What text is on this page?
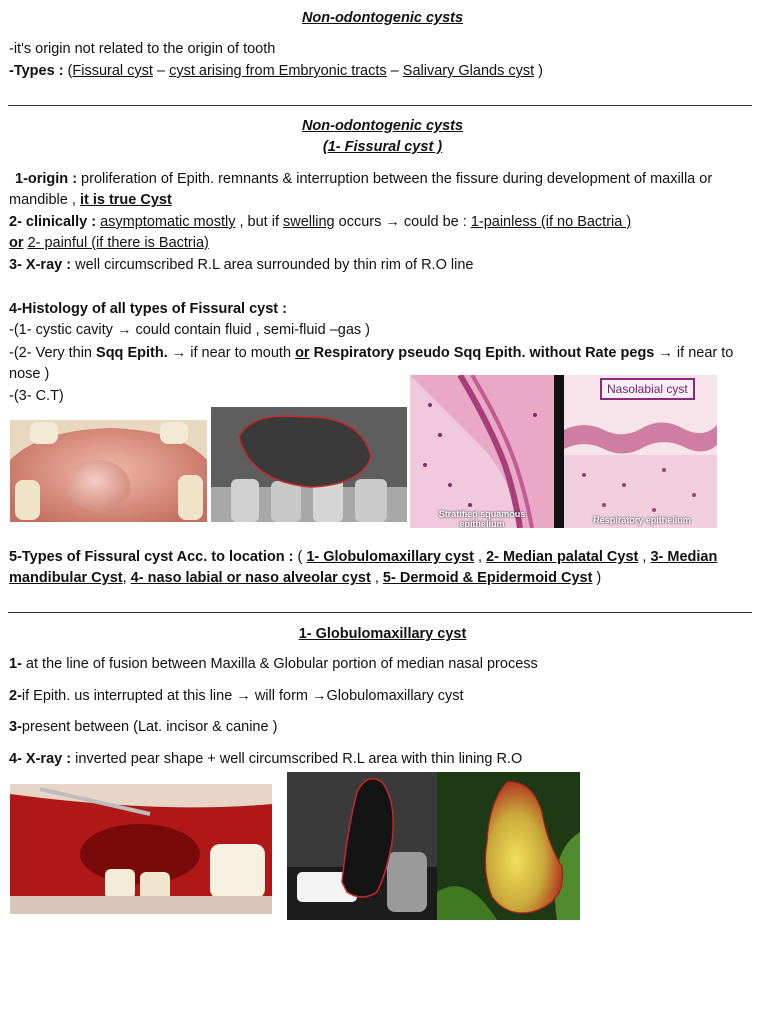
Non-odontogenic cysts
-it's origin not related to the origin of tooth
-Types : (Fissural cyst – cyst arising from Embryonic tracts – Salivary Glands cyst )
Non-odontogenic cysts
(1- Fissural cyst )
1-origin : proliferation of Epith. remnants & interruption between the fissure during development of maxilla or mandible , it is true Cyst
2- clinically : asymptomatic mostly , but if swelling occurs → could be : 1-painless (if no Bactria )
or 2- painful (if there is Bactria)
3- X-ray : well circumscribed R.L area surrounded by thin rim of R.O line
4-Histology of all types of Fissural cyst :
-(1- cystic cavity → could contain fluid , semi-fluid –gas )
-(2- Very thin Sqq Epith. → if near to mouth or Respiratory pseudo Sqq Epith. without Rate pegs → if near to nose )
-(3- C.T)
Stratified squamous epithelium
Nasolabial cyst
Respiratory epithelium
5-Types of Fissural cyst Acc. to location : ( 1- Globulomaxillary cyst , 2- Median palatal Cyst , 3- Median mandibular Cyst, 4- naso labial or naso alveolar cyst , 5- Dermoid & Epidermoid Cyst )
1- Globulomaxillary cyst
1- at the line of fusion between Maxilla & Globular portion of median nasal process
2-if Epith. us interrupted at this line → will form →Globulomaxillary cyst
3-present between (Lat. incisor & canine )
4- X-ray : inverted pear shape + well circumscribed R.L area with thin lining R.O
